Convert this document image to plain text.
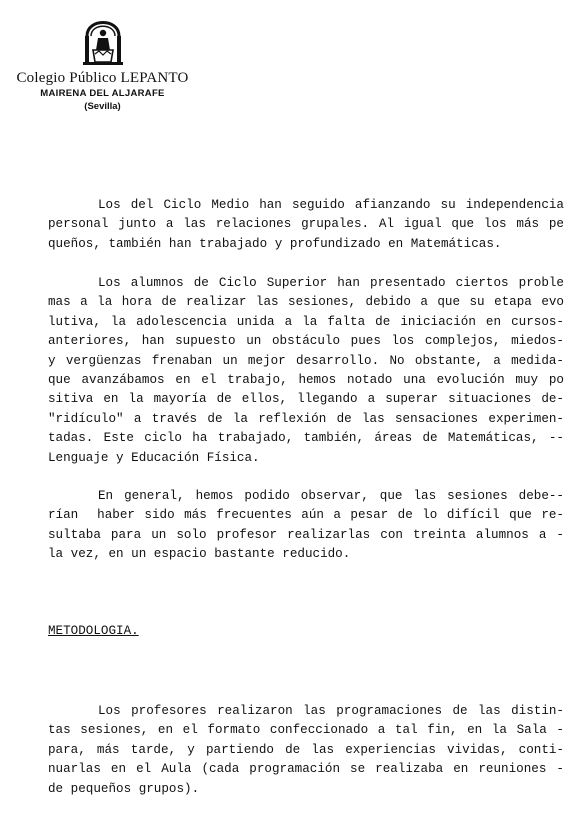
Colegio Público LEPANTO
MAIRENA DEL ALJARAFE
(Sevilla)
Los del Ciclo Medio han seguido afianzando su independencia
personal junto a las relaciones grupales. Al igual que los más pe
queños, también han trabajado y profundizado en Matemáticas.
Los alumnos de Ciclo Superior han presentado ciertos proble
mas a la hora de realizar las sesiones, debido a que su etapa evo
lutiva, la adolescencia unida a la falta de iniciación en cursos-
anteriores, han supuesto un obstáculo pues los complejos, miedos-
y vergüenzas frenaban un mejor desarrollo. No obstante, a medida-
que avanzábamos en el trabajo, hemos notado una evolución muy po
sitiva en la mayoría de ellos, llegando a superar situaciones de-
"ridículo" a través de la reflexión de las sensaciones experimen-
tadas. Este ciclo ha trabajado, también, áreas de Matemáticas, --
Lenguaje y Educación Física.
En general, hemos podido observar, que las sesiones debe--
rían  haber sido más frecuentes aún a pesar de lo difícil que re-
sultaba para un solo profesor realizarlas con treinta alumnos a -
la vez, en un espacio bastante reducido.
METODOLOGIA.
Los profesores realizaron las programaciones de las distin-
tas sesiones, en el formato confeccionado a tal fin, en la Sala -
para, más tarde, y partiendo de las experiencias vividas, conti-
nuarlas en el Aula (cada programación se realizaba en reuniones -
de pequeños grupos).
